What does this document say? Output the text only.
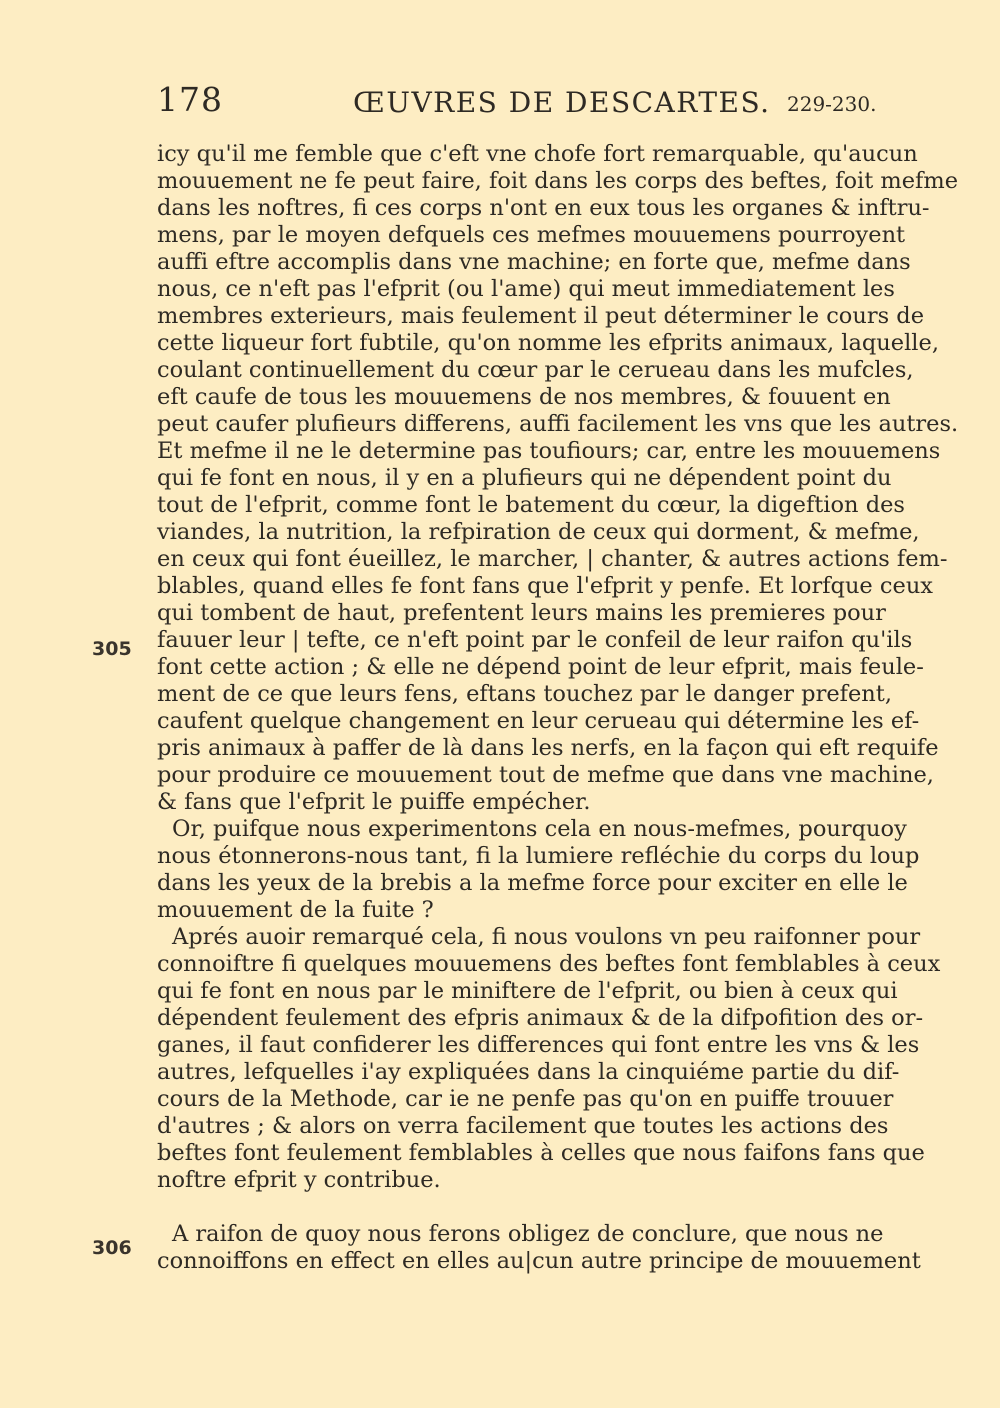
178	ŒUVRES DE DESCARTES. 229-230.
305
306
icy qu'il me femble que c'eft vne chofe fort remarquable, qu'aucun
mouuement ne fe peut faire, foit dans les corps des beftes, foit mefme
dans les noftres, fi ces corps n'ont en eux tous les organes & inftru-
mens, par le moyen defquels ces mefmes mouuemens pourroyent
auffi eftre accomplis dans vne machine; en forte que, mefme dans
nous, ce n'eft pas l'efprit (ou l'ame) qui meut immediatement les
membres exterieurs, mais feulement il peut déterminer le cours de
cette liqueur fort fubtile, qu'on nomme les efprits animaux, laquelle,
coulant continuellement du cœur par le cerueau dans les mufcles,
eft caufe de tous les mouuemens de nos membres, & fouuent en
peut caufer plufieurs differens, auffi facilement les vns que les autres.
Et mefme il ne le determine pas toufiours; car, entre les mouuemens
qui fe font en nous, il y en a plufieurs qui ne dépendent point du
tout de l'efprit, comme font le batement du cœur, la digeftion des
viandes, la nutrition, la refpiration de ceux qui dorment, & mefme,
en ceux qui font éueillez, le marcher, | chanter, & autres actions fem-
blables, quand elles fe font fans que l'efprit y penfe. Et lorfque ceux
qui tombent de haut, prefentent leurs mains les premieres pour
fauuer leur | tefte, ce n'eft point par le confeil de leur raifon qu'ils
font cette action ; & elle ne dépend point de leur efprit, mais feule-
ment de ce que leurs fens, eftans touchez par le danger prefent,
caufent quelque changement en leur cerueau qui détermine les ef-
pris animaux à paffer de là dans les nerfs, en la façon qui eft requife
pour produire ce mouuement tout de mefme que dans vne machine,
& fans que l'efprit le puiffe empécher.
Or, puifque nous experimentons cela en nous-mefmes, pourquoy
nous étonnerons-nous tant, fi la lumiere refléchie du corps du loup
dans les yeux de la brebis a la mefme force pour exciter en elle le
mouuement de la fuite ?
Aprés auoir remarqué cela, fi nous voulons vn peu raifonner pour
connoiftre fi quelques mouuemens des beftes font femblables à ceux
qui fe font en nous par le miniftere de l'efprit, ou bien à ceux qui
dépendent feulement des efpris animaux & de la difpofition des or-
ganes, il faut confiderer les differences qui font entre les vns & les
autres, lefquelles i'ay expliquées dans la cinquiéme partie du dif-
cours de la Methode, car ie ne penfe pas qu'on en puiffe trouuer
d'autres ; & alors on verra facilement que toutes les actions des
beftes font feulement femblables à celles que nous faifons fans que
noftre efprit y contribue.
A raifon de quoy nous ferons obligez de conclure, que nous ne
connoiffons en effect en elles au|cun autre principe de mouuement
